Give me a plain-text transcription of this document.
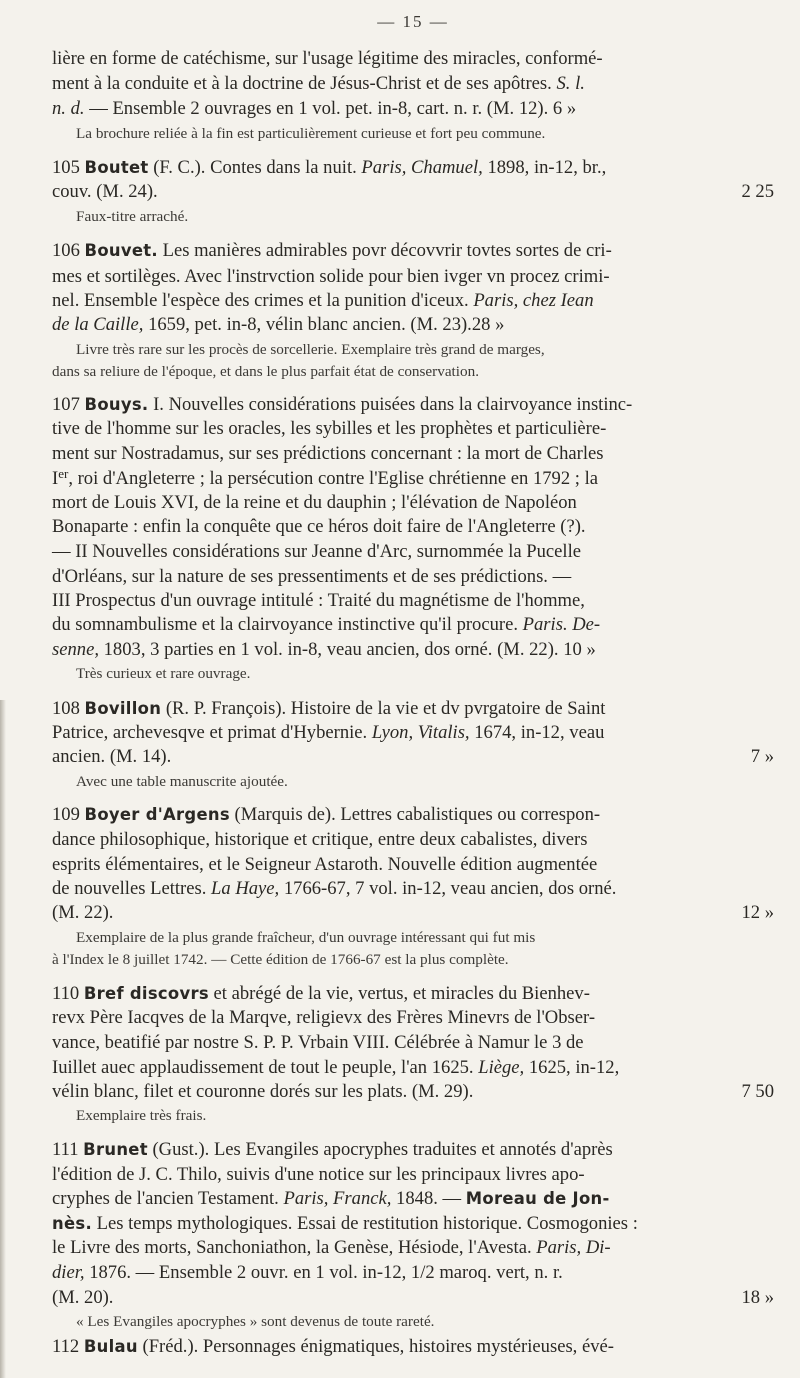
— 15 —
lière en forme de catéchisme, sur l'usage légitime des miracles, conformé-
ment à la conduite et à la doctrine de Jésus-Christ et de ses apôtres. S. l.
n. d. — Ensemble 2 ouvrages en 1 vol. pet. in-8, cart. n. r. (M. 12). 6 »
La brochure reliée à la fin est particulièrement curieuse et fort peu commune.
105 Boutet (F. C.). Contes dans la nuit. Paris, Chamuel, 1898, in-12, br.,
couv. (M. 24).	2 25
Faux-titre arraché.
106 Bouvet. Les manières admirables povr décovvrir tovtes sortes de cri-
mes et sortilèges. Avec l'instrvction solide pour bien ivger vn procez crimi-
nel. Ensemble l'espèce des crimes et la punition d'iceux. Paris, chez Iean
de la Caille, 1659, pet. in-8, vélin blanc ancien. (M. 23).28 »
Livre très rare sur les procès de sorcellerie. Exemplaire très grand de marges,
dans sa reliure de l'époque, et dans le plus parfait état de conservation.
107 Bouys. I. Nouvelles considérations puisées dans la clairvoyance instinc-
tive de l'homme sur les oracles, les sybilles et les prophètes et particulière-
ment sur Nostradamus, sur ses prédictions concernant : la mort de Charles
Ier, roi d'Angleterre ; la persécution contre l'Eglise chrétienne en 1792 ; la
mort de Louis XVI, de la reine et du dauphin ; l'élévation de Napoléon
Bonaparte : enfin la conquête que ce héros doit faire de l'Angleterre (?).
— II Nouvelles considérations sur Jeanne d'Arc, surnommée la Pucelle
d'Orléans, sur la nature de ses pressentiments et de ses prédictions. —
III Prospectus d'un ouvrage intitulé : Traité du magnétisme de l'homme,
du somnambulisme et la clairvoyance instinctive qu'il procure. Paris. De-
senne, 1803, 3 parties en 1 vol. in-8, veau ancien, dos orné. (M. 22). 10 »
Très curieux et rare ouvrage.
108 Bovillon (R. P. François). Histoire de la vie et dv pvrgatoire de Saint
Patrice, archevesqve et primat d'Hybernie. Lyon, Vitalis, 1674, in-12, veau
ancien. (M. 14).	7 »
Avec une table manuscrite ajoutée.
109 Boyer d'Argens (Marquis de). Lettres cabalistiques ou correspon-
dance philosophique, historique et critique, entre deux cabalistes, divers
esprits élémentaires, et le Seigneur Astaroth. Nouvelle édition augmentée
de nouvelles Lettres. La Haye, 1766-67, 7 vol. in-12, veau ancien, dos orné.
(M. 22).	12 »
Exemplaire de la plus grande fraîcheur, d'un ouvrage intéressant qui fut mis
à l'Index le 8 juillet 1742. — Cette édition de 1766-67 est la plus complète.
110 Bref discovrs et abrégé de la vie, vertus, et miracles du Bienhev-
revx Père Iacqves de la Marqve, religievx des Frères Minevrs de l'Obser-
vance, beatifié par nostre S. P. P. Vrbain VIII. Célébrée à Namur le 3 de
Iuillet auec applaudissement de tout le peuple, l'an 1625. Liège, 1625, in-12,
vélin blanc, filet et couronne dorés sur les plats. (M. 29).	7 50
Exemplaire très frais.
111 Brunet (Gust.). Les Evangiles apocryphes traduites et annotés d'après
l'édition de J. C. Thilo, suivis d'une notice sur les principaux livres apo-
cryphes de l'ancien Testament. Paris, Franck, 1848. — Moreau de Jon-
nès. Les temps mythologiques. Essai de restitution historique. Cosmogonies :
le Livre des morts, Sanchoniathon, la Genèse, Hésiode, l'Avesta. Paris, Di-
dier, 1876. — Ensemble 2 ouvr. en 1 vol. in-12, 1/2 maroq. vert, n. r.
(M. 20).	18 »
« Les Evangiles apocryphes » sont devenus de toute rareté.
112 Bulau (Fréd.). Personnages énigmatiques, histoires mystérieuses, évé-
